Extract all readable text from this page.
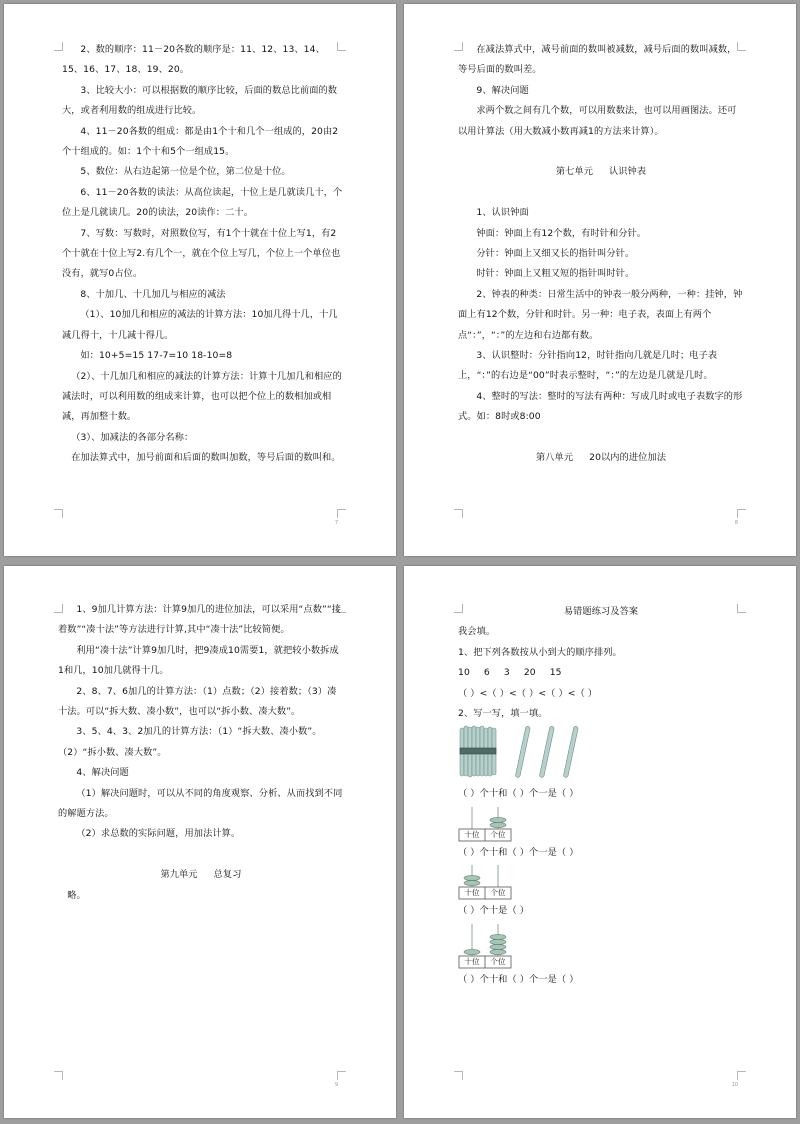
2、数的顺序：11－20各数的顺序是：11、12、13、14、15、16、17、18、19、20。

3、比较大小：可以根据数的顺序比较，后面的数总比前面的数大，或者利用数的组成进行比较。

4、11－20各数的组成：都是由1个十和几个一组成的，20由2个十组成的。如：1个十和5个一组成15。

5、数位：从右边起第一位是个位，第二位是十位。

6、11－20各数的读法：从高位读起，十位上是几就读几十，个位上是几就读几。20的读法，20读作：二十。

7、写数：写数时，对照数位写，有1个十就在十位上写1，有2个十就在十位上写2.有几个一，就在个位上写几，个位上一个单位也没有，就写0占位。

8、十加几、十几加几与相应的减法

（1）、10加几和相应的减法的计算方法：10加几得十几，十几减几得十，十几减十得几。

如：10+5=15 17-7=10 18-10=8

（2）、十几加几和相应的减法的计算方法：计算十几加几和相应的减法时，可以利用数的组成来计算，也可以把个位上的数相加或相减，再加整十数。

（3）、加减法的各部分名称：

在加法算式中，加号前面和后面的数叫加数，等号后面的数叫和。

7

在减法算式中，减号前面的数叫被减数，减号后面的数叫减数，等号后面的数叫差。

9、解决问题

求两个数之间有几个数，可以用数数法，也可以用画图法。还可以用计算法（用大数减小数再减1的方法来计算）。

第七单元 认识钟表

1、认识钟面

钟面：钟面上有12个数，有时针和分针。

分针：钟面上又细又长的指针叫分针。

时针：钟面上又粗又短的指针叫时针。

2、钟表的种类：日常生活中的钟表一般分两种，一种：挂钟，钟面上有12个数，分针和时针。另一种：电子表，表面上有两个点“：”，“：”的左边和右边都有数。

3、认识整时：分针指向12，时针指向几就是几时；电子表上，“：”的右边是“00”时表示整时，“：”的左边是几就是几时。

4、整时的写法：整时的写法有两种：写成几时或电子表数字的形式。如：8时或8:00

第八单元 20以内的进位加法

8

1、9加几计算方法：计算9加几的进位加法，可以采用“点数”“接着数”“凑十法”等方法进行计算,其中“凑十法”比较简便。

利用“凑十法”计算9加几时，把9凑成10需要1，就把较小数拆成1和几，10加几就得十几。

2、8、7、6加几的计算方法：（1）点数；（2）接着数；（3）凑十法。可以“拆大数、凑小数”，也可以“拆小数、凑大数”。

3、5、4、3、2加几的计算方法：（1）“拆大数、凑小数”。（2）“拆小数、凑大数”。

4、解决问题

（1）解决问题时，可以从不同的角度观察、分析、从而找到不同的解题方法。

（2）求总数的实际问题，用加法计算。

第九单元 总复习

略。

9

易错题练习及答案

我会填。

1、把下列各数按从小到大的顺序排列。

10 6 3 20 15

（ ）<（ ）<（ ）<（ ）<（ ）

2、写一写，填一填。

（ ）个十和（ ）个一是（ ）

十位	个位

（ ）个十和（ ）个一是（ ）

十位	个位

（ ）个十是（ ）

十位	个位

（ ）个十和（ ）个一是（ ）

10
